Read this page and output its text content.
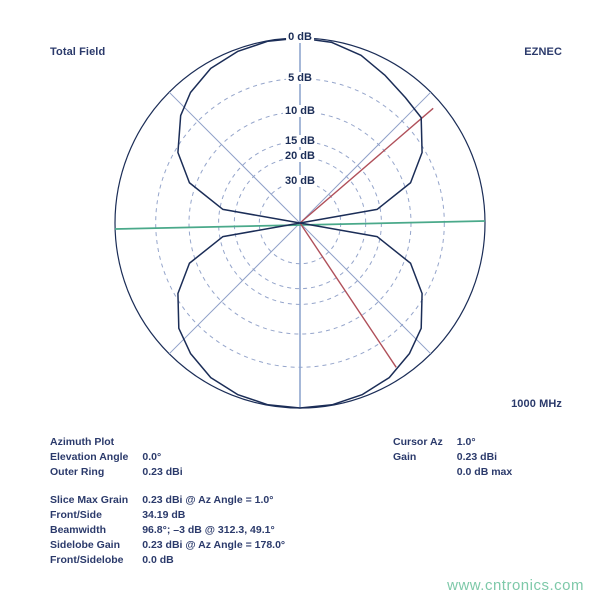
Total Field	EZNEC
1000 MHz
0 dB
5 dB
10 dB
15 dB
20 dB
30 dB
Azimuth Plot		
Elevation Angle		0.0°
Outer Ring		0.23 dBi
Cursor Az		1.0°
Gain		0.23 dBi
		0.0 dB max
Slice Max Grain		0.23 dBi @ Az Angle = 1.0°
Front/Side		34.19 dB
Beamwidth		96.8°; –3 dB @ 312.3, 49.1°
Sidelobe Gain		0.23 dBi @ Az Angle = 178.0°
Front/Sidelobe		0.0 dB
www.cntronics.com
